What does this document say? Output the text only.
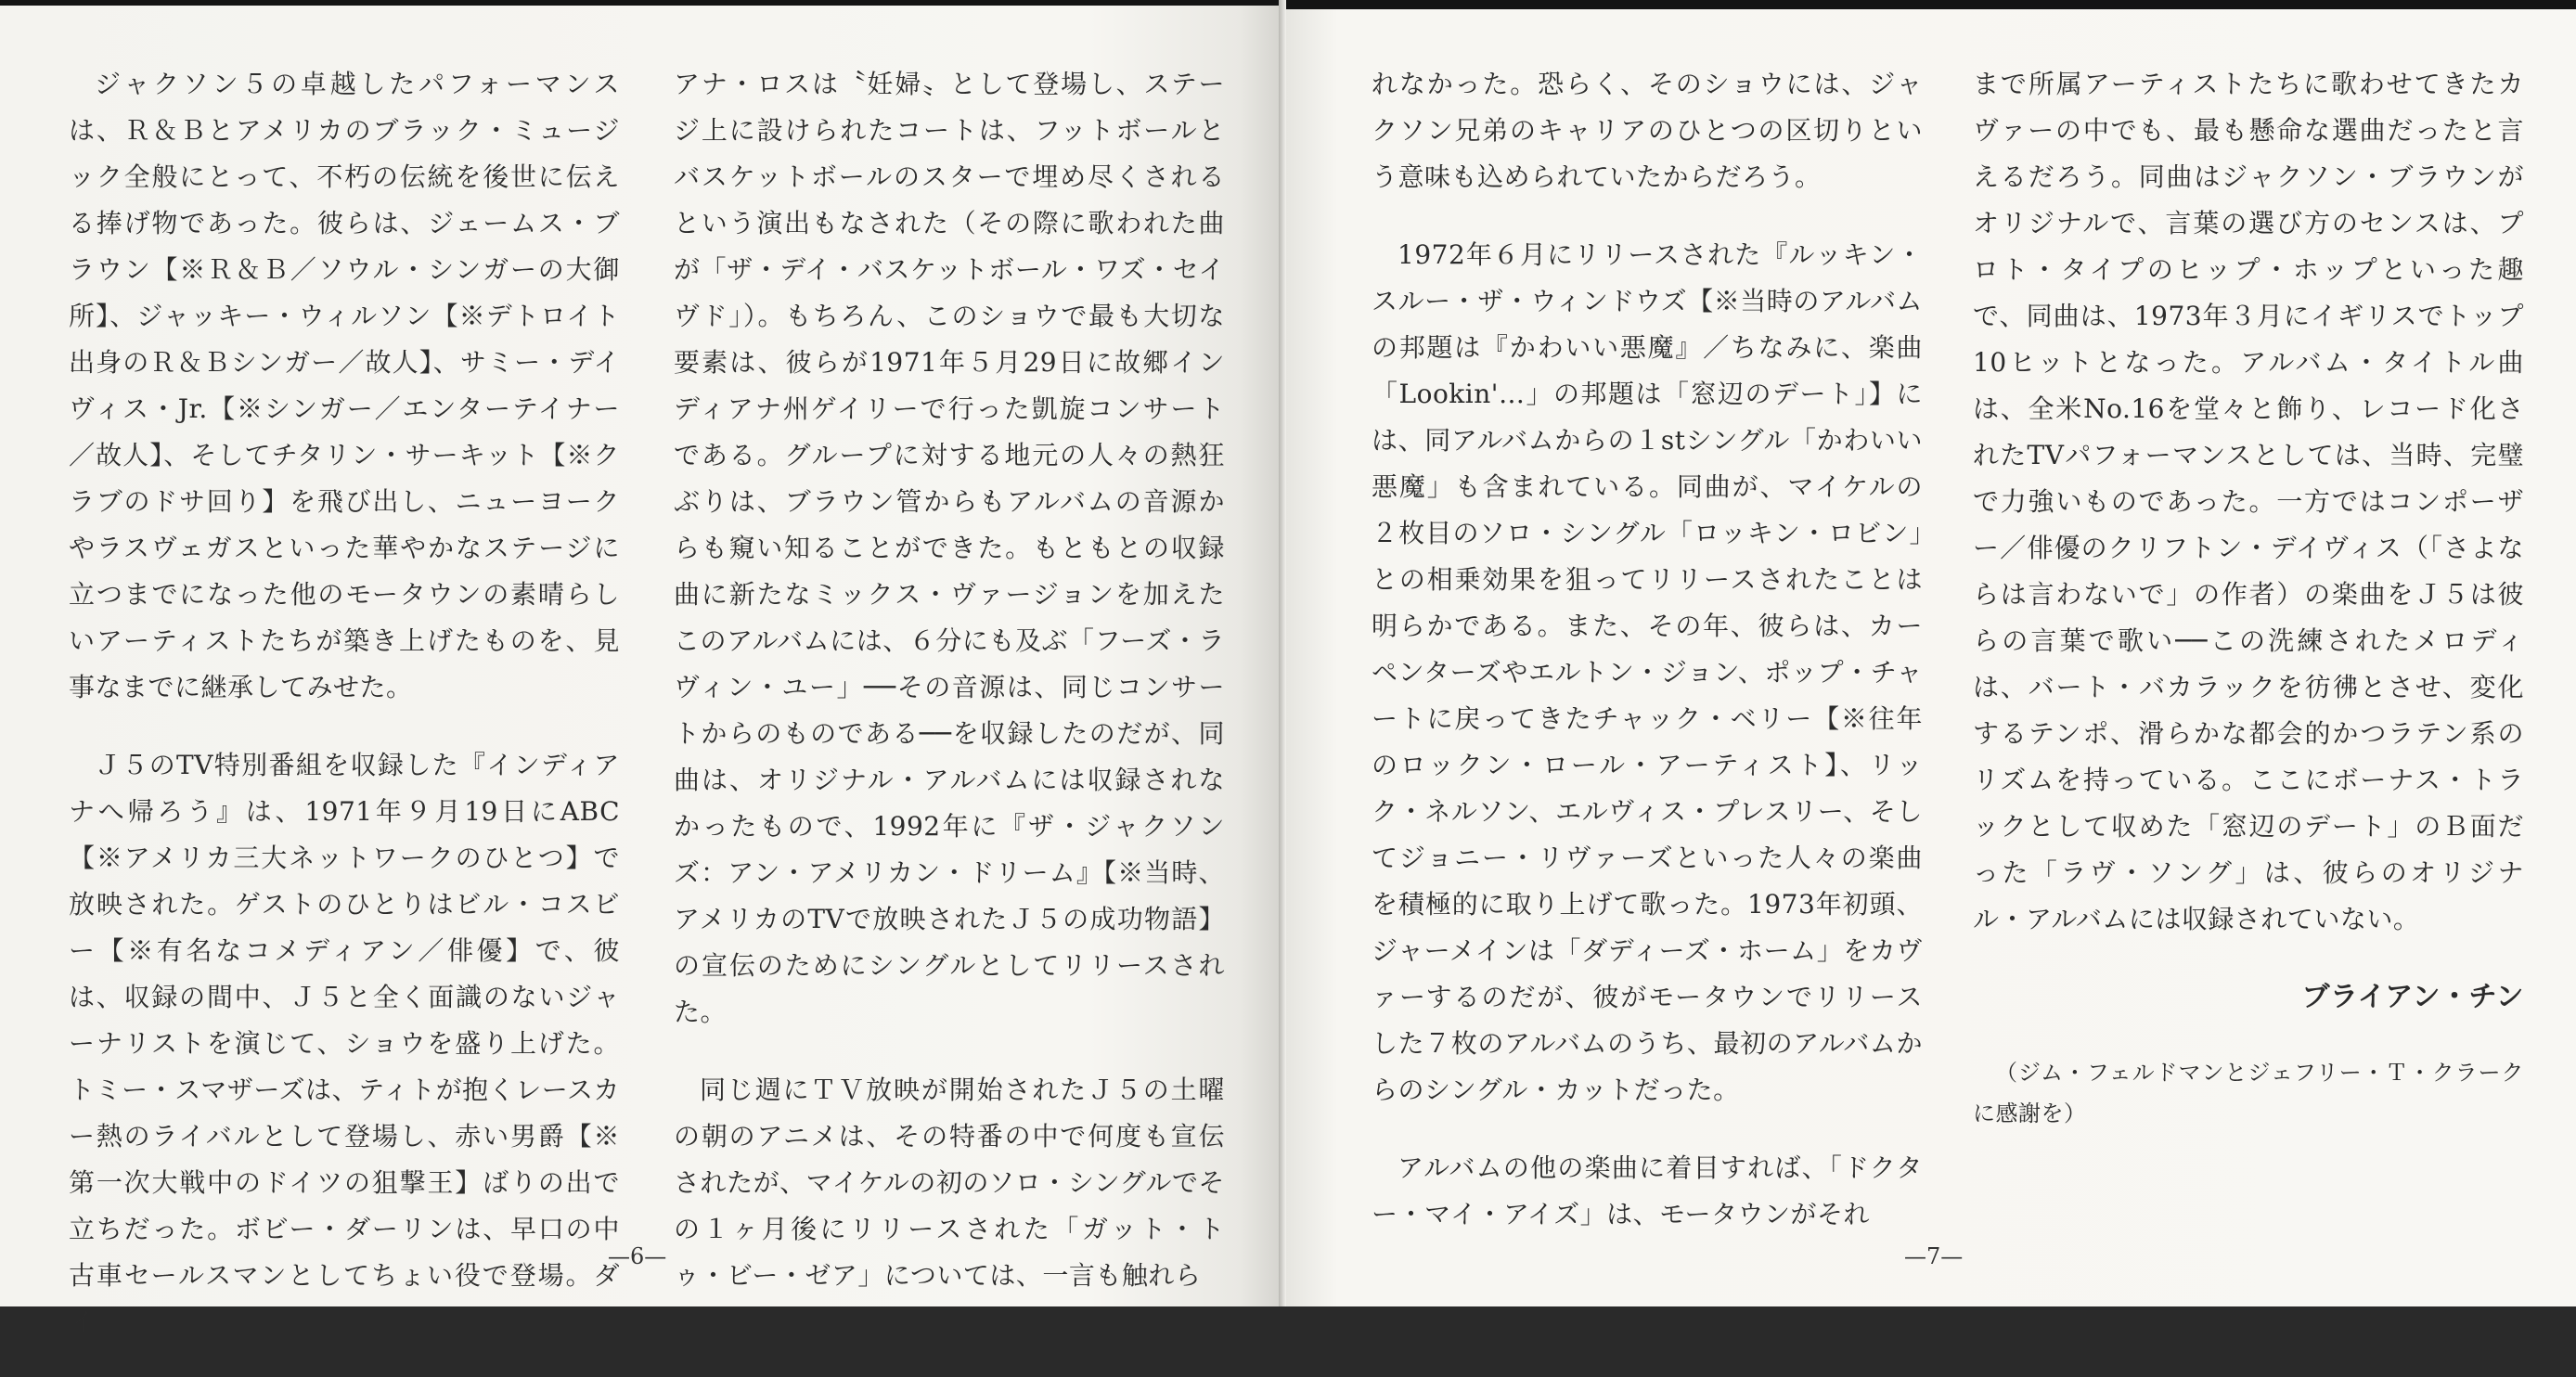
ジャクソン５の卓越したパフォーマンスは、Ｒ＆Ｂとアメリカのブラック・ミュージック全般にとって、不朽の伝統を後世に伝える捧げ物であった。彼らは、ジェームス・ブラウン【※Ｒ＆Ｂ／ソウル・シンガーの大御所】、ジャッキー・ウィルソン【※デトロイト出身のＲ＆Ｂシンガー／故人】、サミー・デイヴィス・Jr.【※シンガー／エンターテイナー／故人】、そしてチタリン・サーキット【※クラブのドサ回り】を飛び出し、ニューヨークやラスヴェガスといった華やかなステージに立つまでになった他のモータウンの素晴らしいアーティストたちが築き上げたものを、見事なまでに継承してみせた。

Ｊ５のTV特別番組を収録した『インディアナへ帰ろう』は、1971年９月19日にABC【※アメリカ三大ネットワークのひとつ】で放映された。ゲストのひとりはビル・コスビー【※有名なコメディアン／俳優】で、彼は、収録の間中、Ｊ５と全く面識のないジャーナリストを演じて、ショウを盛り上げた。トミー・スマザーズは、ティトが抱くレースカー熱のライバルとして登場し、赤い男爵【※第一次大戦中のドイツの狙撃王】ばりの出で立ちだった。ボビー・ダーリンは、早口の中古車セールスマンとしてちょい役で登場。ダイ

アナ・ロスは〝妊婦〟として登場し、ステージ上に設けられたコートは、フットボールとバスケットボールのスターで埋め尽くされるという演出もなされた（その際に歌われた曲が「ザ・デイ・バスケットボール・ワズ・セイヴド」）。もちろん、このショウで最も大切な要素は、彼らが1971年５月29日に故郷インディアナ州ゲイリーで行った凱旋コンサートである。グループに対する地元の人々の熱狂ぶりは、ブラウン管からもアルバムの音源からも窺い知ることができた。もともとの収録曲に新たなミックス・ヴァージョンを加えたこのアルバムには、６分にも及ぶ「フーズ・ラヴィン・ユー」──その音源は、同じコンサートからのものである──を収録したのだが、同曲は、オリジナル・アルバムには収録されなかったもので、1992年に『ザ・ジャクソンズ：アン・アメリカン・ドリーム』【※当時、アメリカのTVで放映されたＪ５の成功物語】の宣伝のためにシングルとしてリリースされた。

同じ週にＴＶ放映が開始されたＪ５の土曜の朝のアニメは、その特番の中で何度も宣伝されたが、マイケルの初のソロ・シングルでその１ヶ月後にリリースされた「ガット・トゥ・ビー・ゼア」については、一言も触れら

—6—

れなかった。恐らく、そのショウには、ジャクソン兄弟のキャリアのひとつの区切りという意味も込められていたからだろう。

1972年６月にリリースされた『ルッキン・スルー・ザ・ウィンドウズ【※当時のアルバムの邦題は『かわいい悪魔』／ちなみに、楽曲「Lookin'…」の邦題は「窓辺のデート」】には、同アルバムからの１stシングル「かわいい悪魔」も含まれている。同曲が、マイケルの２枚目のソロ・シングル「ロッキン・ロビン」との相乗効果を狙ってリリースされたことは明らかである。また、その年、彼らは、カーペンターズやエルトン・ジョン、ポップ・チャートに戻ってきたチャック・ベリー【※往年のロックン・ロール・アーティスト】、リック・ネルソン、エルヴィス・プレスリー、そしてジョニー・リヴァーズといった人々の楽曲を積極的に取り上げて歌った。1973年初頭、ジャーメインは「ダディーズ・ホーム」をカヴァーするのだが、彼がモータウンでリリースした７枚のアルバムのうち、最初のアルバムからのシングル・カットだった。

アルバムの他の楽曲に着目すれば、「ドクター・マイ・アイズ」は、モータウンがそれ

まで所属アーティストたちに歌わせてきたカヴァーの中でも、最も懸命な選曲だったと言えるだろう。同曲はジャクソン・ブラウンがオリジナルで、言葉の選び方のセンスは、プロト・タイプのヒップ・ホップといった趣で、同曲は、1973年３月にイギリスでトップ10ヒットとなった。アルバム・タイトル曲は、全米No.16を堂々と飾り、レコード化されたTVパフォーマンスとしては、当時、完璧で力強いものであった。一方ではコンポーザー／俳優のクリフトン・デイヴィス（「さよならは言わないで」の作者）の楽曲をＪ５は彼らの言葉で歌い──この洗練されたメロディは、バート・バカラックを彷彿とさせ、変化するテンポ、滑らかな都会的かつラテン系のリズムを持っている。ここにボーナス・トラックとして収めた「窓辺のデート」のＢ面だった「ラヴ・ソング」は、彼らのオリジナル・アルバムには収録されていない。

ブライアン・チン

（ジム・フェルドマンとジェフリー・Ｔ・クラークに感謝を）

—7—
